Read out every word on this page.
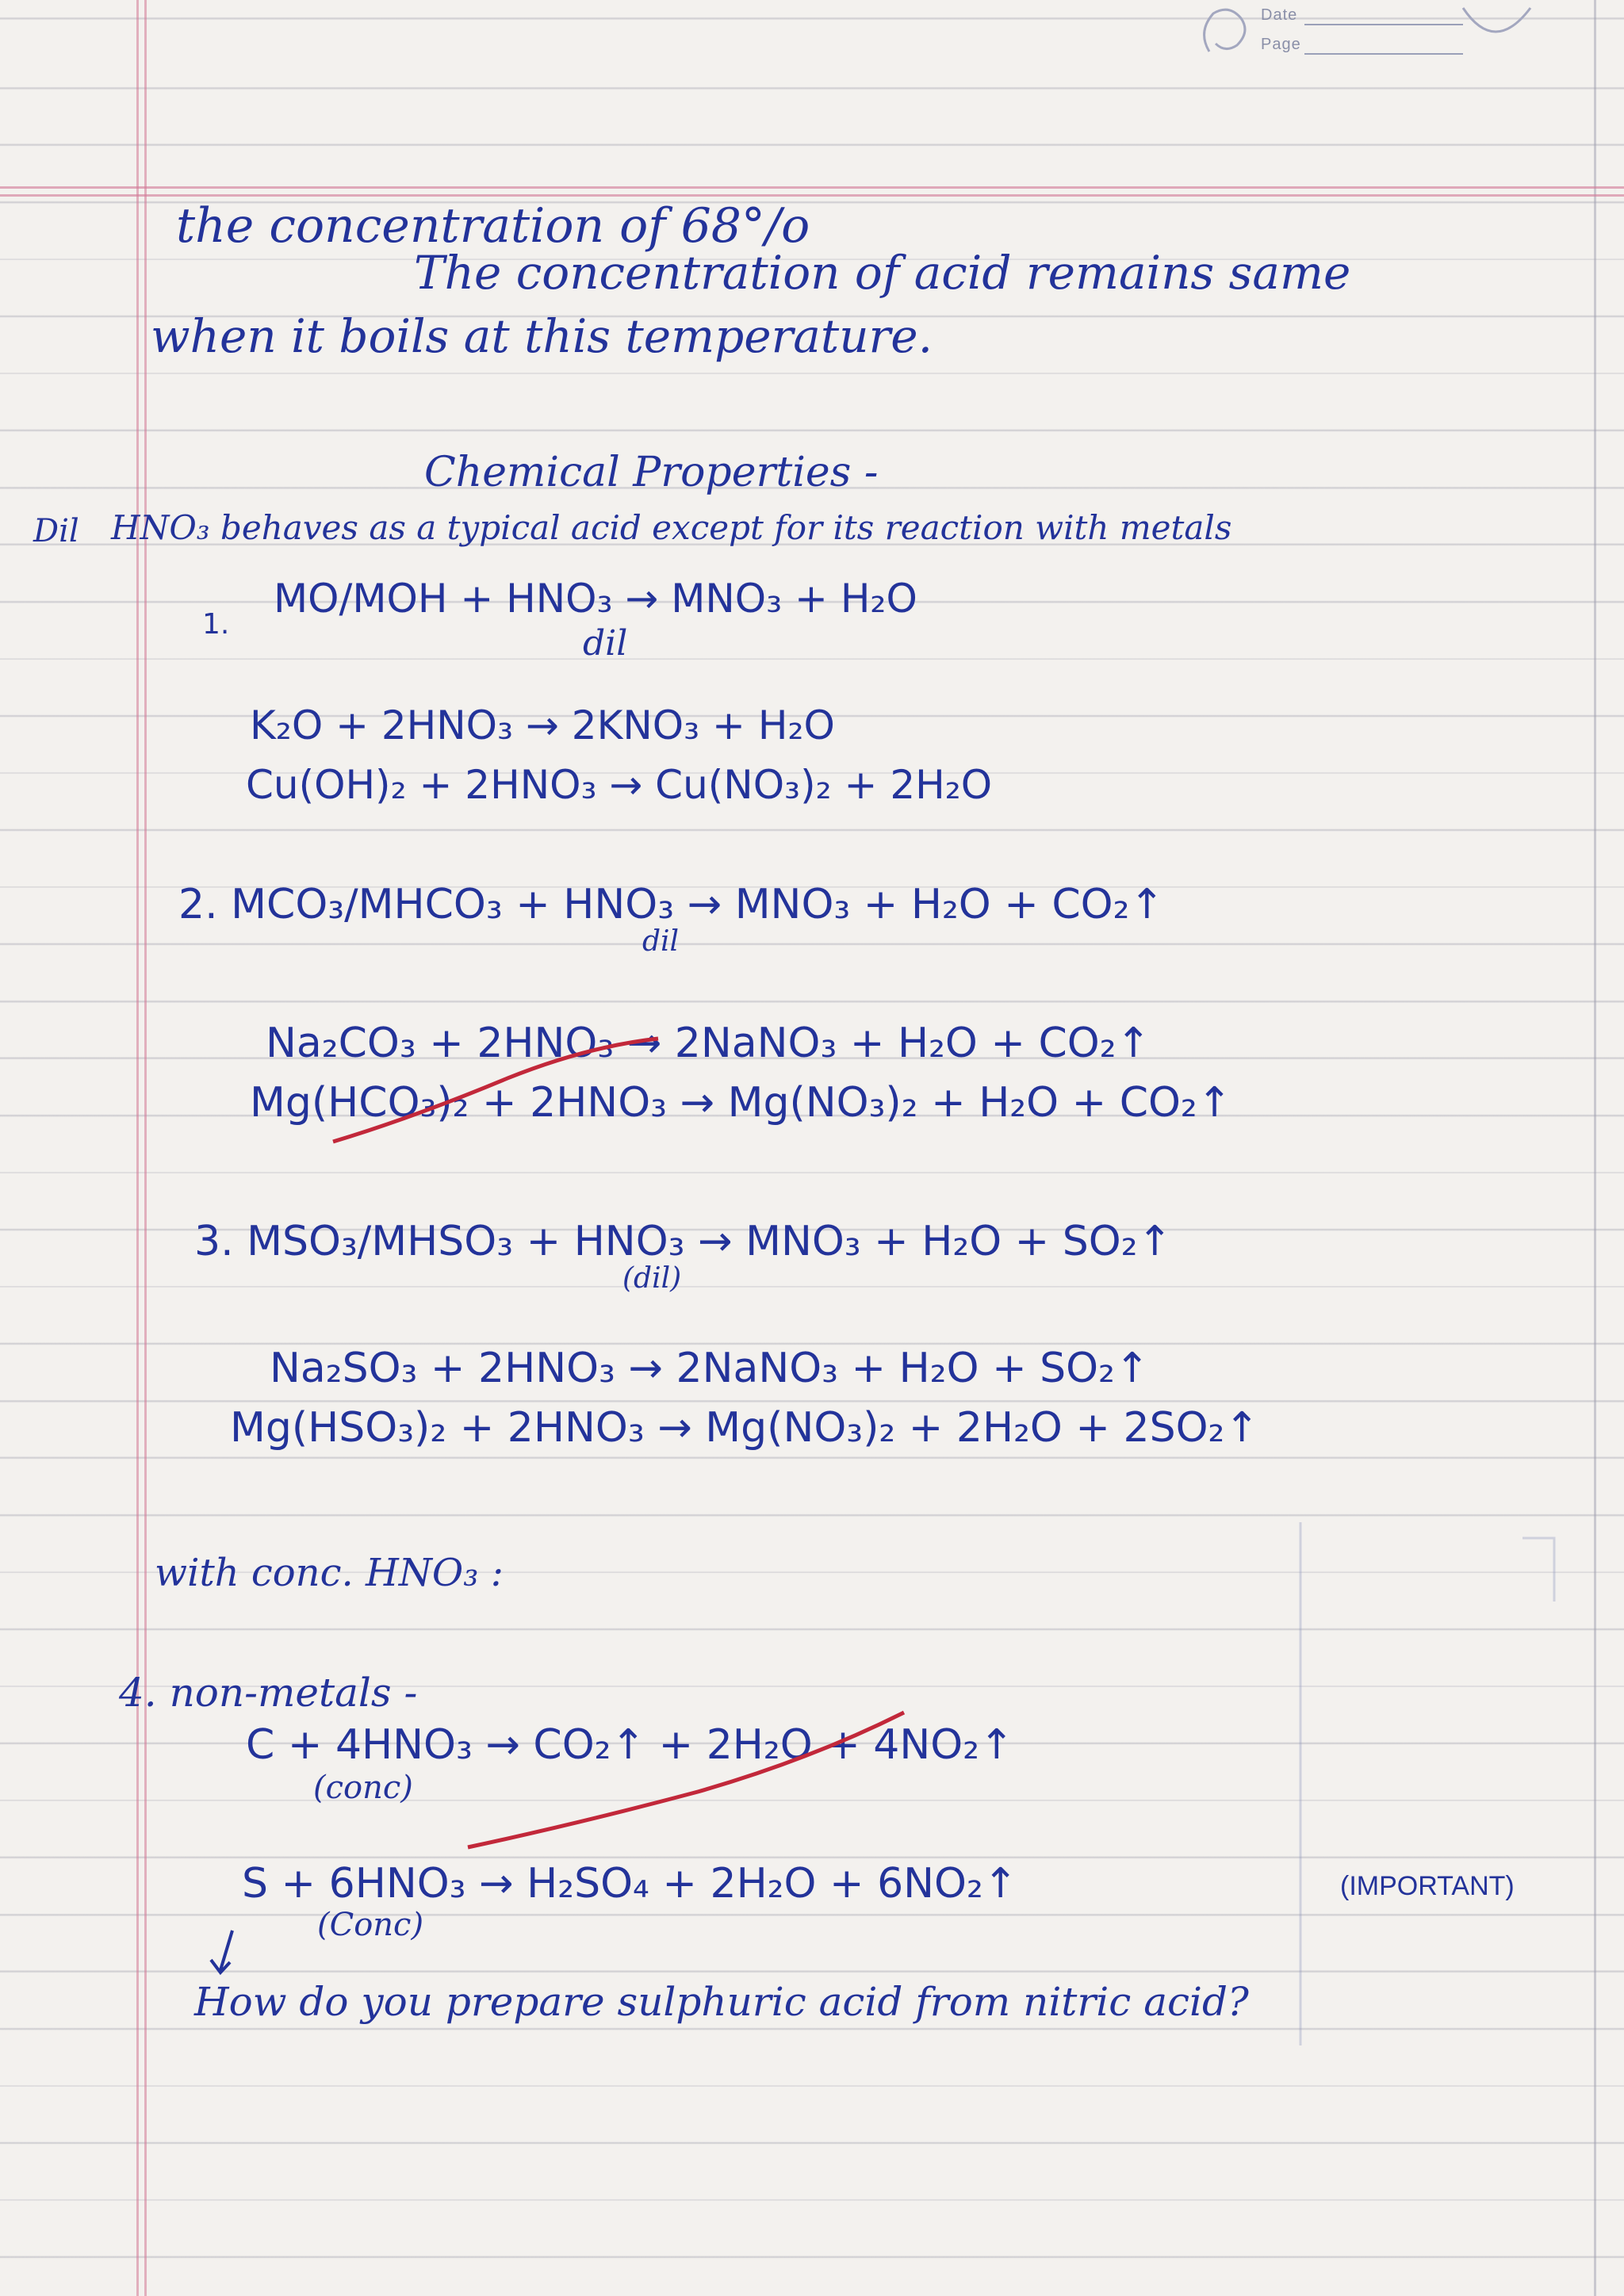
Date
Page
the concentration of 68°/o
The concentration of acid remains same
when it boils at this temperature.
Chemical Properties -
Dil HNO₃ behaves as a typical acid except for its reaction with metals
1.
MO/MOH + HNO₃ → MNO₃ + H₂O
dil
K₂O + 2HNO₃ → 2KNO₃ + H₂O
Cu(OH)₂ + 2HNO₃ → Cu(NO₃)₂ + 2H₂O
2. MCO₃/MHCO₃ + HNO₃ → MNO₃ + H₂O + CO₂↑
dil
Na₂CO₃ + 2HNO₃ → 2NaNO₃ + H₂O + CO₂↑
Mg(HCO₃)₂ + 2HNO₃ → Mg(NO₃)₂ + H₂O + CO₂↑
3. MSO₃/MHSO₃ + HNO₃ → MNO₃ + H₂O + SO₂↑
(dil)
Na₂SO₃ + 2HNO₃ → 2NaNO₃ + H₂O + SO₂↑
Mg(HSO₃)₂ + 2HNO₃ → Mg(NO₃)₂ + 2H₂O + 2SO₂↑
with conc. HNO₃ :
4. non-metals -
C + 4HNO₃ → CO₂↑ + 2H₂O + 4NO₂↑
(conc)
S + 6HNO₃ → H₂SO₄ + 2H₂O + 6NO₂↑
(Conc)
(IMPORTANT)
How do you prepare sulphuric acid from nitric acid?
